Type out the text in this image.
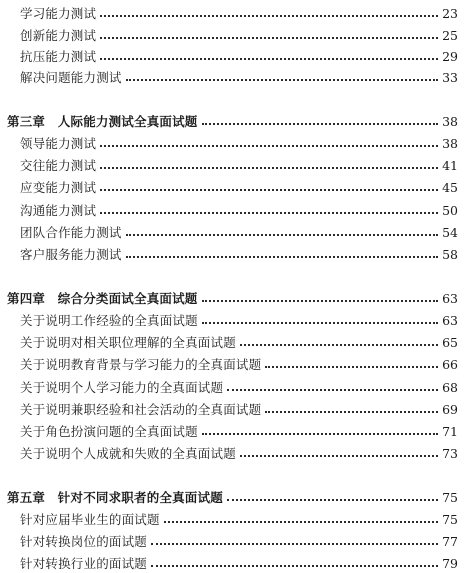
学习能力测试	23
创新能力测试	25
抗压能力测试	29
解决问题能力测试	33
第三章　人际能力测试全真面试题	38
领导能力测试	38
交往能力测试	41
应变能力测试	45
沟通能力测试	50
团队合作能力测试	54
客户服务能力测试	58
第四章　综合分类面试全真面试题	63
关于说明工作经验的全真面试题	63
关于说明对相关职位理解的全真面试题	65
关于说明教育背景与学习能力的全真面试题	66
关于说明个人学习能力的全真面试题	68
关于说明兼职经验和社会活动的全真面试题	69
关于角色扮演问题的全真面试题	71
关于说明个人成就和失败的全真面试题	73
第五章　针对不同求职者的全真面试题	75
针对应届毕业生的面试题	75
针对转换岗位的面试题	77
针对转换行业的面试题	79
